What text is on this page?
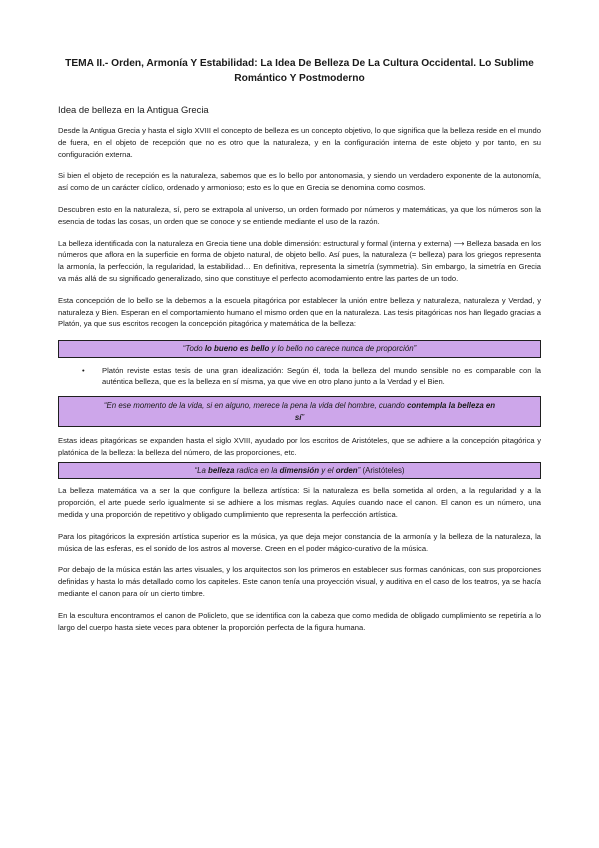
TEMA II.- Orden, Armonía Y Estabilidad: La Idea De Belleza De La Cultura Occidental. Lo Sublime Romántico Y Postmoderno
Idea de belleza en la Antigua Grecia

Desde la Antigua Grecia y hasta el siglo XVIII el concepto de belleza es un concepto objetivo, lo que significa que la belleza reside en el mundo de fuera, en el objeto de recepción que no es otro que la naturaleza, y en la configuración interna de este objeto y por tanto, en su configuración externa.

Si bien el objeto de recepción es la naturaleza, sabemos que es lo bello por antonomasia, y siendo un verdadero exponente de la autonomía, así como de un carácter cíclico, ordenado y armonioso; esto es lo que en Grecia se denomina como cosmos.

Descubren esto en la naturaleza, sí, pero se extrapola al universo, un orden formado por números y matemáticas, ya que los números son la esencia de todas las cosas, un orden que se conoce y se entiende mediante el uso de la razón.

La belleza identificada con la naturaleza en Grecia tiene una doble dimensión: estructural y formal (interna y externa) ⟶ Belleza basada en los números que aflora en la superficie en forma de objeto natural, de objeto bello. Así pues, la naturaleza (= belleza) para los griegos representa la armonía, la perfección, la regularidad, la estabilidad… En definitiva, representa la simetría (symmetria). Sin embargo, la simetría en Grecia va más allá de su significado generalizado, sino que constituye el perfecto acomodamiento entre las partes de un todo.

Esta concepción de lo bello se la debemos a la escuela pitagórica por establecer la unión entre belleza y naturaleza, naturaleza y Verdad, y naturaleza y Bien. Esperan en el comportamiento humano el mismo orden que en la naturaleza. Las tesis pitagóricas nos han llegado gracias a Platón, ya que sus escritos recogen la concepción pitagórica y matemática de la belleza:

“Todo lo bueno es bello y lo bello no carece nunca de proporción”
•	Platón reviste estas tesis de una gran idealización: Según él, toda la belleza del mundo sensible no es comparable con la auténtica belleza, que es la belleza en sí misma, ya que vive en otro plano junto a la Verdad y el Bien.
“En ese momento de la vida, si en alguno, merece la pena la vida del hombre, cuando contempla la belleza en sí”

Estas ideas pitagóricas se expanden hasta el siglo XVIII, ayudado por los escritos de Aristóteles, que se adhiere a la concepción pitagórica y platónica de la belleza: la belleza del número, de las proporciones, etc.

“La belleza radica en la dimensión y el orden” (Aristóteles)

La belleza matemática va a ser la que configure la belleza artística: Si la naturaleza es bella sometida al orden, a la regularidad y a la proporción, el arte puede serlo igualmente si se adhiere a los mismas reglas. Aquíes cuando nace el canon. El canon es un número, una medida y una proporción de repetitivo y obligado cumplimiento que representa la perfección artística.

Para los pitagóricos la expresión artística superior es la música, ya que deja mejor constancia de la armonía y la belleza de la naturaleza, la música de las esferas, es el sonido de los astros al moverse. Creen en el poder mágico-curativo de la música.

Por debajo de la música están las artes visuales, y los arquitectos son los primeros en establecer sus formas canónicas, con sus proporciones definidas y hasta lo más detallado como los capiteles. Este canon tenía una proyección visual, y auditiva en el caso de los teatros, ya se hacía mediante el canon para oír un cierto timbre.

En la escultura encontramos el canon de Policleto, que se identifica con la cabeza que como medida de obligado cumplimiento se repetiría a lo largo del cuerpo hasta siete veces para obtener la proporción perfecta de la figura humana.
